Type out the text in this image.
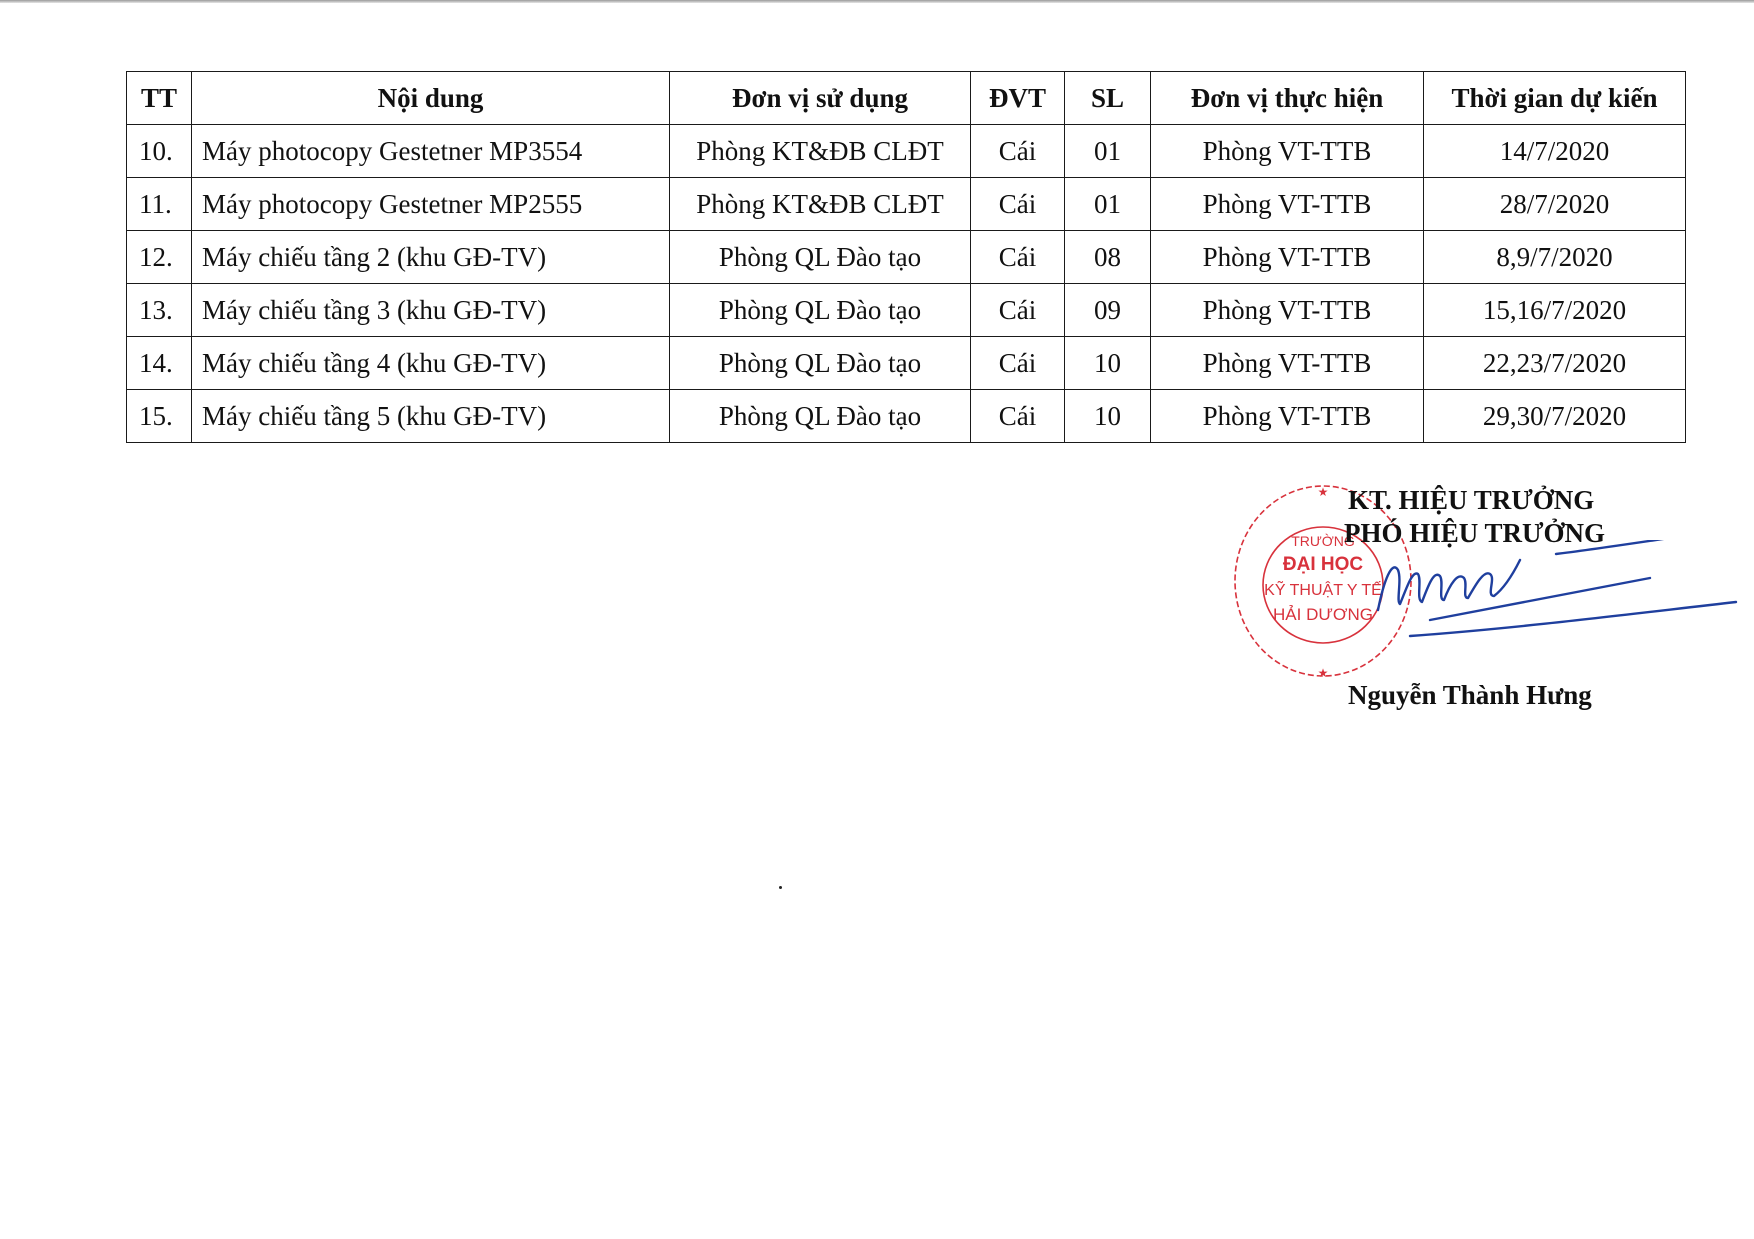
TT	Nội dung	Đơn vị sử dụng	ĐVT	SL	Đơn vị thực hiện	Thời gian dự kiến
10.	Máy photocopy Gestetner MP3554	Phòng KT&ĐB CLĐT	Cái	01	Phòng VT-TTB	14/7/2020
11.	Máy photocopy Gestetner MP2555	Phòng KT&ĐB CLĐT	Cái	01	Phòng VT-TTB	28/7/2020
12.	Máy chiếu tầng 2 (khu GĐ-TV)	Phòng QL Đào tạo	Cái	08	Phòng VT-TTB	8,9/7/2020
13.	Máy chiếu tầng 3 (khu GĐ-TV)	Phòng QL Đào tạo	Cái	09	Phòng VT-TTB	15,16/7/2020
14.	Máy chiếu tầng 4 (khu GĐ-TV)	Phòng QL Đào tạo	Cái	10	Phòng VT-TTB	22,23/7/2020
15.	Máy chiếu tầng 5 (khu GĐ-TV)	Phòng QL Đào tạo	Cái	10	Phòng VT-TTB	29,30/7/2020
TRƯỜNG
ĐẠI HỌC
KỸ THUẬT Y TẾ
HẢI DƯƠNG
★
★
KT. HIỆU TRƯỞNG
PHÓ HIỆU TRƯỞNG
Nguyễn Thành Hưng
